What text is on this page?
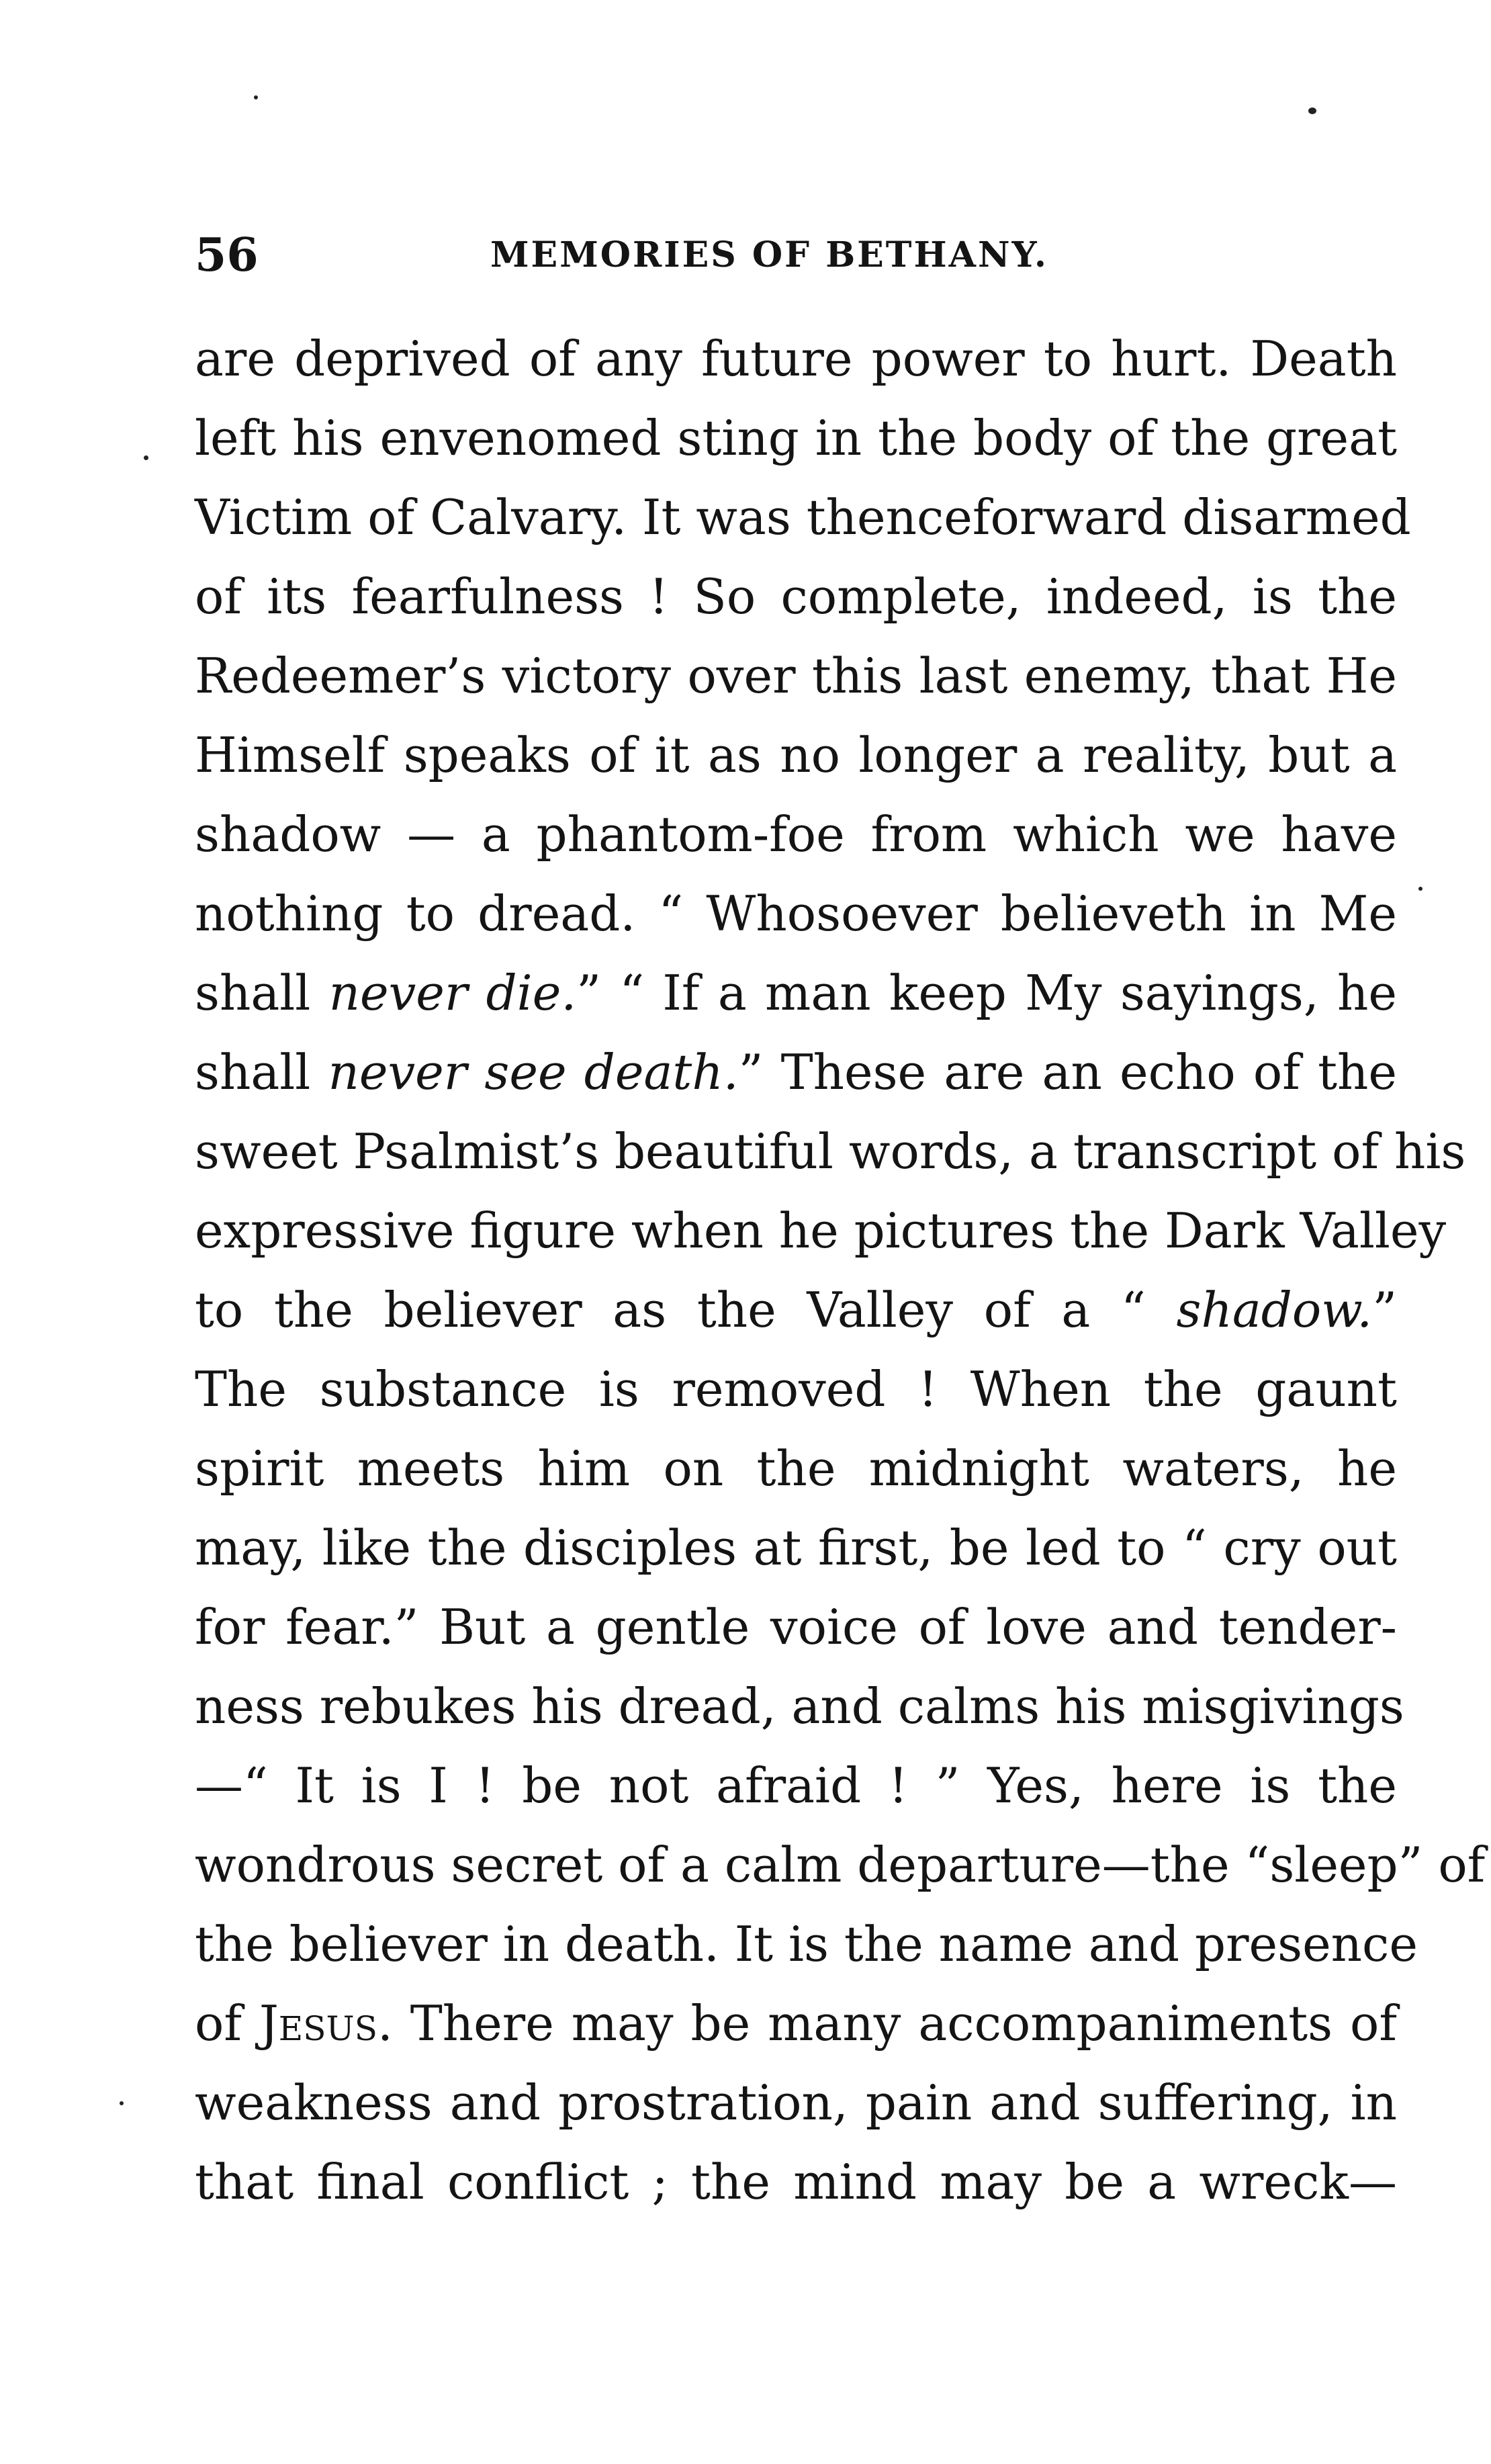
56	MEMORIES OF BETHANY.
are deprived of any future power to hurt. Death
left his envenomed sting in the body of the great
Victim of Calvary. It was thenceforward disarmed
of its fearfulness ! So complete, indeed, is the
Redeemer’s victory over this last enemy, that He
Himself speaks of it as no longer a reality, but a
shadow — a phantom-foe from which we have
nothing to dread. “ Whosoever believeth in Me
shall never die.” “ If a man keep My sayings, he
shall never see death.” These are an echo of the
sweet Psalmist’s beautiful words, a transcript of his
expressive figure when he pictures the Dark Valley
to the believer as the Valley of a “ shadow.”
The substance is removed ! When the gaunt
spirit meets him on the midnight waters, he
may, like the disciples at first, be led to “ cry out
for fear.” But a gentle voice of love and tender-
ness rebukes his dread, and calms his misgivings
—“ It is I ! be not afraid ! ” Yes, here is the
wondrous secret of a calm departure—the “sleep” of
the believer in death. It is the name and presence
of Jesus. There may be many accompaniments of
weakness and prostration, pain and suffering, in
that final conflict ; the mind may be a wreck—
